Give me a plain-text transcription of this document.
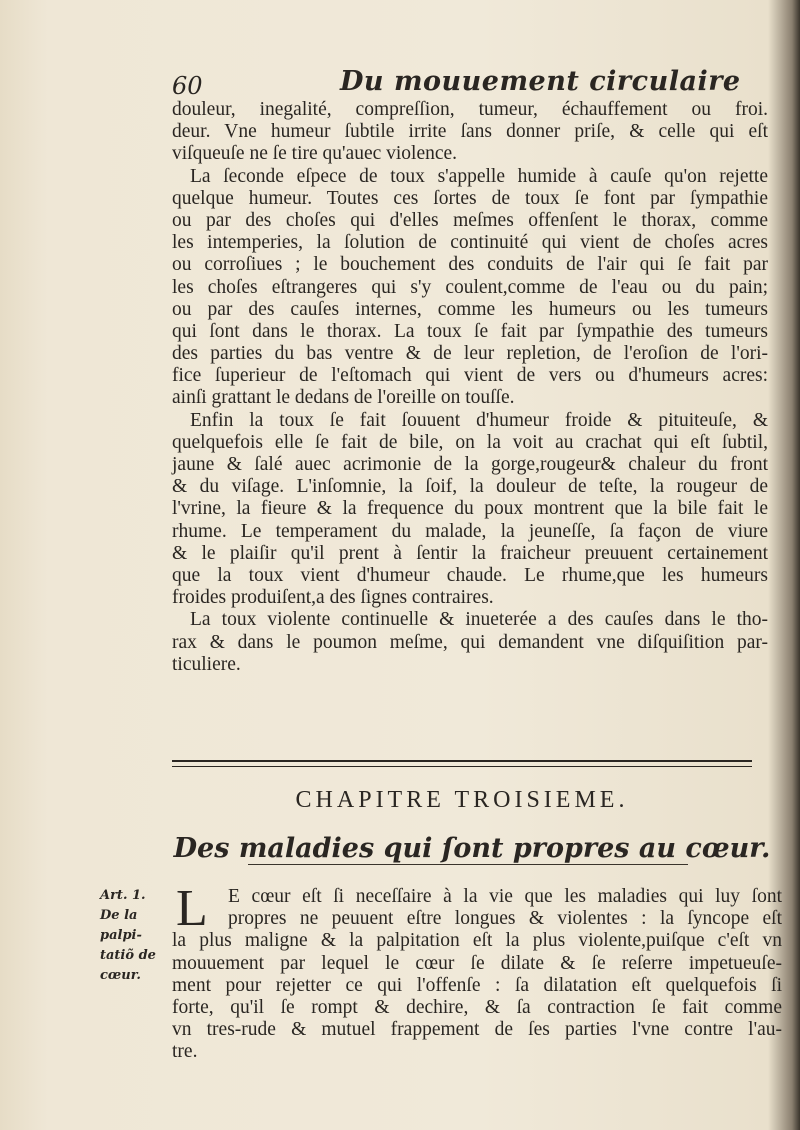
60	Du mouuement circulaire
douleur, inegalité, compreſſion, tumeur, échauffement ou froi.
deur. Vne humeur ſubtile irrite ſans donner priſe, & celle qui eſt
viſqueuſe ne ſe tire qu'auec violence.
La ſeconde eſpece de toux s'appelle humide à cauſe qu'on rejette
quelque humeur. Toutes ces ſortes de toux ſe font par ſympathie
ou par des choſes qui d'elles meſmes offenſent le thorax, comme
les intemperies, la ſolution de continuité qui vient de choſes acres
ou corroſiues ; le bouchement des conduits de l'air qui ſe fait par
les choſes eſtrangeres qui s'y coulent,comme de l'eau ou du pain;
ou par des cauſes internes, comme les humeurs ou les tumeurs
qui ſont dans le thorax. La toux ſe fait par ſympathie des tumeurs
des parties du bas ventre & de leur repletion, de l'eroſion de l'ori-
fice ſuperieur de l'eſtomach qui vient de vers ou d'humeurs acres:
ainſi grattant le dedans de l'oreille on touſſe.
Enfin la toux ſe fait ſouuent d'humeur froide & pituiteuſe, &
quelquefois elle ſe fait de bile, on la voit au crachat qui eſt ſubtil,
jaune & ſalé auec acrimonie de la gorge,rougeur& chaleur du front
& du viſage. L'inſomnie, la ſoif, la douleur de teſte, la rougeur de
l'vrine, la fieure & la frequence du poux montrent que la bile fait le
rhume. Le temperament du malade, la jeuneſſe, ſa façon de viure
& le plaiſir qu'il prent à ſentir la fraicheur preuuent certainement
que la toux vient d'humeur chaude. Le rhume,que les humeurs
froides produiſent,a des ſignes contraires.
La toux violente continuelle & inueterée a des cauſes dans le tho-
rax & dans le poumon meſme, qui demandent vne diſquiſition par-
ticuliere.
CHAPITRE TROISIEME.
Des maladies qui ſont propres au cœur.
Art. 1.
De la palpi-
tatiõ de cœur.
L	E cœur eſt ſi neceſſaire à la vie que les maladies qui luy ſont
propres ne peuuent eſtre longues & violentes : la ſyncope eſt
la plus maligne & la palpitation eſt la plus violente,puiſque c'eſt vn
mouuement par lequel le cœur ſe dilate & ſe reſerre impetueuſe-
ment pour rejetter ce qui l'offenſe : ſa dilatation eſt quelquefois ſi
forte, qu'il ſe rompt & dechire, & ſa contraction ſe fait comme
vn tres-rude & mutuel frappement de ſes parties l'vne contre l'au-
tre.
